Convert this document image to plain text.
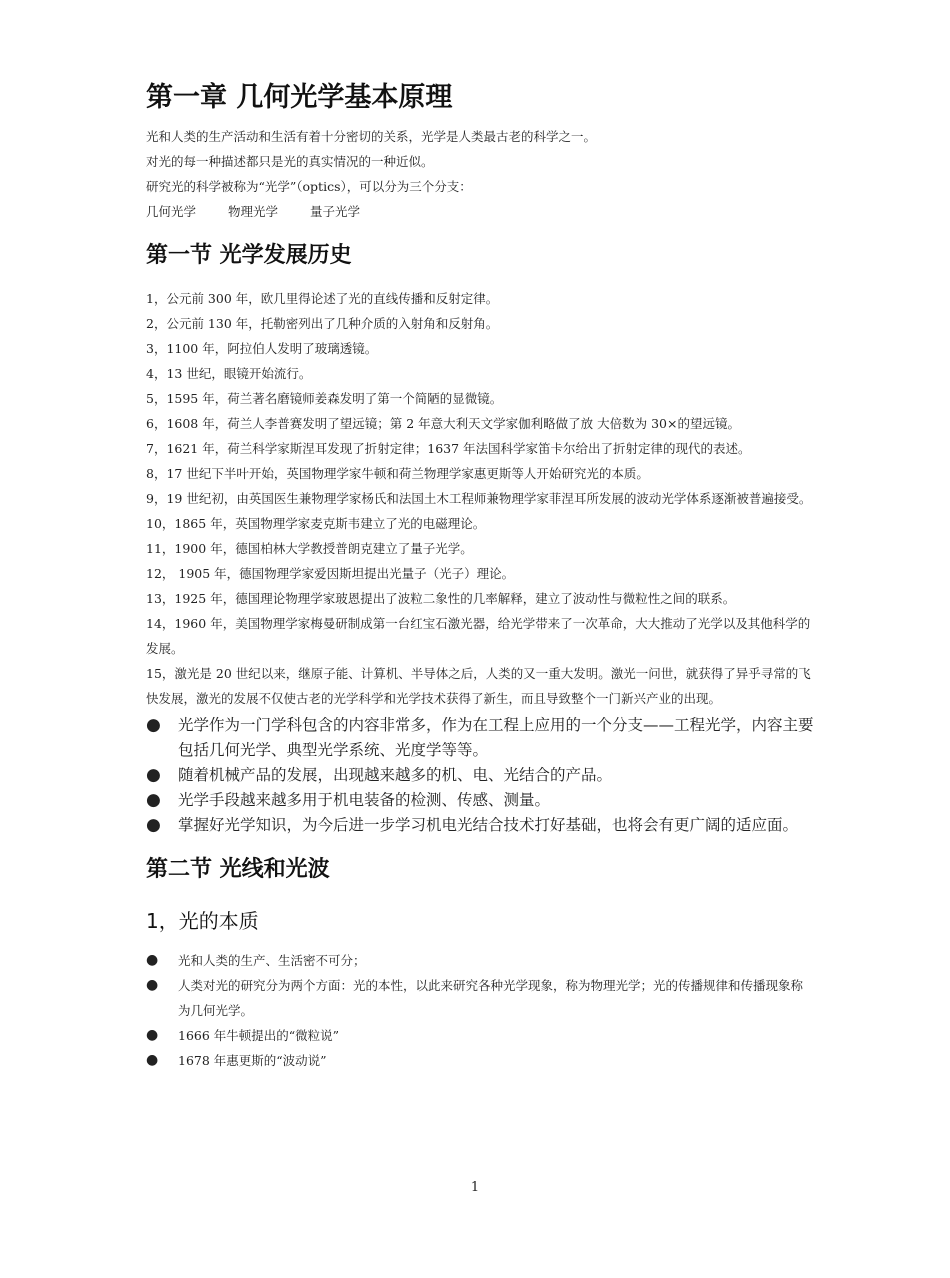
第一章 几何光学基本原理

光和人类的生产活动和生活有着十分密切的关系，光学是人类最古老的科学之一。

对光的每一种描述都只是光的真实情况的一种近似。

研究光的科学被称为“光学”（optics），可以分为三个分支：

几何光学	物理光学	量子光学

第一节 光学发展历史

1，公元前 300 年，欧几里得论述了光的直线传播和反射定律。

2，公元前 130 年，托勒密列出了几种介质的入射角和反射角。

3，1100 年，阿拉伯人发明了玻璃透镜。

4，13 世纪，眼镜开始流行。

5，1595 年，荷兰著名磨镜师姜森发明了第一个简陋的显微镜。

6，1608 年，荷兰人李普赛发明了望远镜；第 2 年意大利天文学家伽利略做了放 大倍数为 30×的望远镜。

7，1621 年，荷兰科学家斯涅耳发现了折射定律；1637 年法国科学家笛卡尔给出了折射定律的现代的表述。

8，17 世纪下半叶开始，英国物理学家牛顿和荷兰物理学家惠更斯等人开始研究光的本质。

9，19 世纪初，由英国医生兼物理学家杨氏和法国土木工程师兼物理学家菲涅耳所发展的波动光学体系逐渐被普遍接受。

10，1865 年，英国物理学家麦克斯韦建立了光的电磁理论。

11，1900 年，德国柏林大学教授普朗克建立了量子光学。

12， 1905 年，德国物理学家爱因斯坦提出光量子（光子）理论。

13，1925 年，德国理论物理学家玻恩提出了波粒二象性的几率解释，建立了波动性与微粒性之间的联系。

14，1960 年，美国物理学家梅曼研制成第一台红宝石激光器，给光学带来了一次革命，大大推动了光学以及其他科学的发展。

15，激光是 20 世纪以来，继原子能、计算机、半导体之后，人类的又一重大发明。激光一问世，就获得了异乎寻常的飞快发展，激光的发展不仅使古老的光学科学和光学技术获得了新生，而且导致整个一门新兴产业的出现。

● 光学作为一门学科包含的内容非常多，作为在工程上应用的一个分支——工程光学，内容主要包括几何光学、典型光学系统、光度学等等。
● 随着机械产品的发展，出现越来越多的机、电、光结合的产品。
● 光学手段越来越多用于机电装备的检测、传感、测量。
● 掌握好光学知识，为今后进一步学习机电光结合技术打好基础，也将会有更广阔的适应面。
第二节 光线和光波
1，光的本质
● 光和人类的生产、生活密不可分；
● 人类对光的研究分为两个方面：光的本性，以此来研究各种光学现象，称为物理光学；光的传播规律和传播现象称为几何光学。
● 1666 年牛顿提出的“微粒说”
● 1678 年惠更斯的“波动说”
1
